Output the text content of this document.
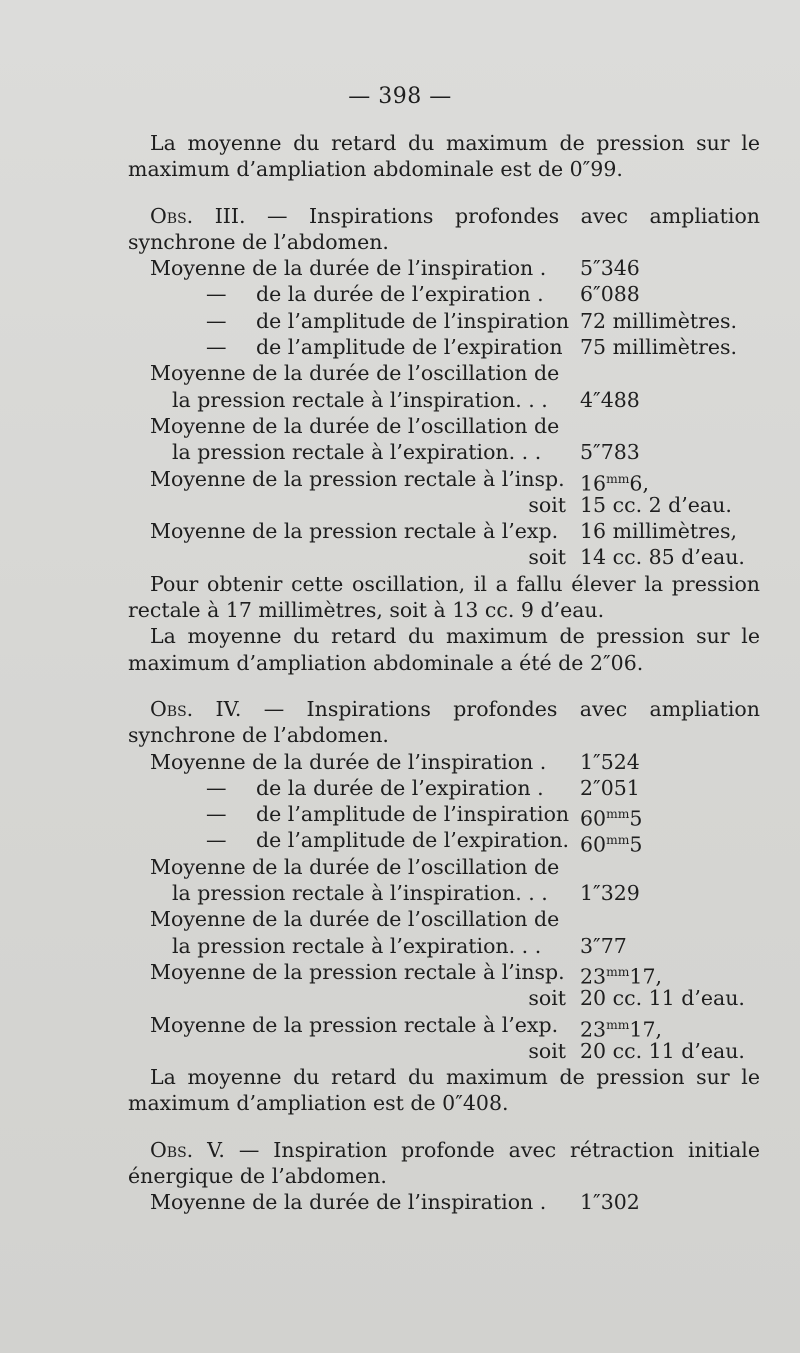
— 398 —

La moyenne du retard du maximum de pression sur le maximum d’ampliation abdominale est de 0″99.

Obs. III. — Inspirations profondes avec ampliation synchrone de l’abdomen.

Moyenne de la durée de l’inspiration .	5″346
— de la durée de l’expiration .	6″088
— de l’amplitude de l’inspiration 72 millimètres.
— de l’amplitude de l’expiration 75 millimètres.
Moyenne de la durée de l’oscillation de
la pression rectale à l’inspiration. . .	4″488
Moyenne de la durée de l’oscillation de
la pression rectale à l’expiration. . .	5″783
Moyenne de la pression rectale à l’insp. $16^{mm}6$,
soit 15 cc. 2 d’eau.
Moyenne de la pression rectale à l’exp.	16 millimètres,
soit 14 cc. 85 d’eau.

Pour obtenir cette oscillation, il a fallu élever la pression rectale à 17 millimètres, soit à 13 cc. 9 d’eau.

La moyenne du retard du maximum de pression sur le maximum d’ampliation abdominale a été de 2″06.

Obs. IV. — Inspirations profondes avec ampliation synchrone de l’abdomen.

Moyenne de la durée de l’inspiration .	1″524
— de la durée de l’expiration .	2″051
— de l’amplitude de l’inspiration $60^{mm}5$
— de l’amplitude de l’expiration. $60^{mm}5$
Moyenne de la durée de l’oscillation de
la pression rectale à l’inspiration. . .	1″329
Moyenne de la durée de l’oscillation de
la pression rectale à l’expiration. . .	3″77
Moyenne de la pression rectale à l’insp. $23^{mm}17$,
soit 20 cc. 11 d’eau.
Moyenne de la pression rectale à l’exp.	$23^{mm}17$,
soit 20 cc. 11 d’eau.

La moyenne du retard du maximum de pression sur le maximum d’ampliation est de 0″408.

Obs. V. — Inspiration profonde avec rétraction initiale énergique de l’abdomen.

Moyenne de la durée de l’inspiration .	1″302
